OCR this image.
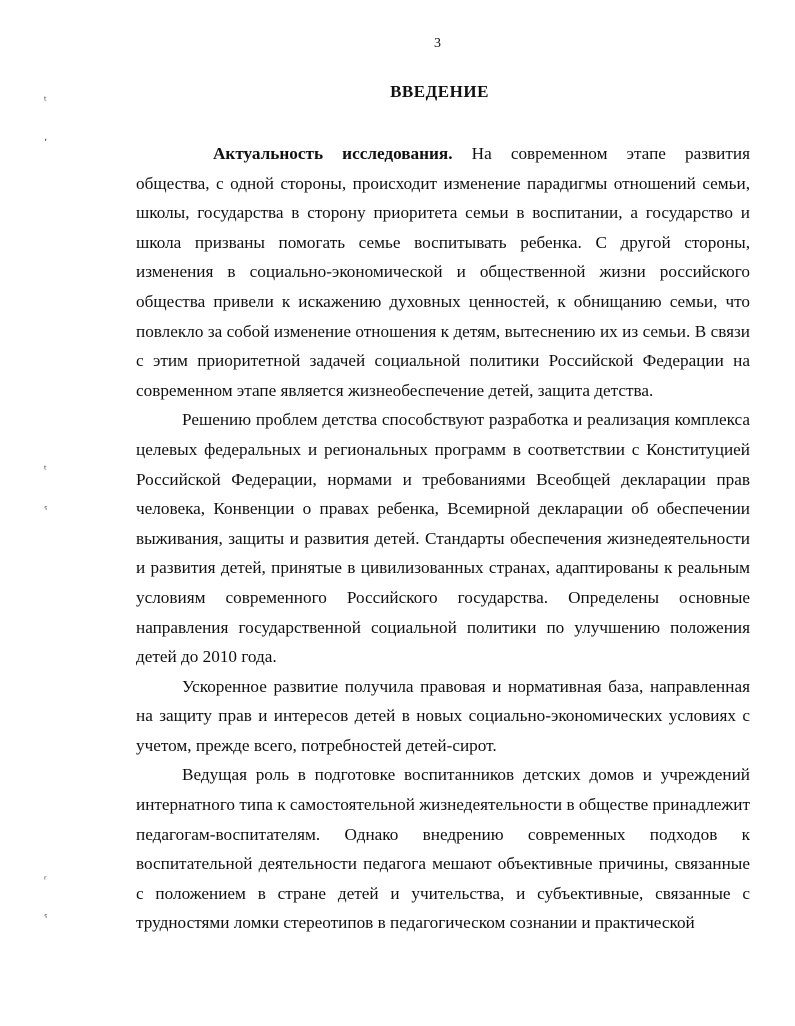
3
ВВЕДЕНИЕ
ᵗ
ʼ
ᵗ
ˁ
ʳ
ˁ

Актуальность исследования. На современном этапе развития общества, с одной стороны, происходит изменение парадигмы отношений семьи, школы, государства в сторону приоритета семьи в воспитании, а государство и школа призваны помогать семье воспитывать ребенка. С другой стороны, изменения в социально-экономической и общественной жизни российского общества привели к искажению духовных ценностей, к обнищанию семьи, что повлекло за собой изменение отношения к детям, вытеснению их из семьи. В связи с этим приоритетной задачей социальной политики Российской Федерации на современном этапе является жизнеобеспечение детей, защита детства.

Решению проблем детства способствуют разработка и реализация комплекса целевых федеральных и региональных программ в соответствии с Конституцией Российской Федерации, нормами и требованиями Всеобщей декларации прав человека, Конвенции о правах ребенка, Всемирной декларации об обеспечении выживания, защиты и развития детей. Стандарты обеспечения жизнедеятельности и развития детей, принятые в цивилизованных странах, адаптированы к реальным условиям современного Российского государства. Определены основные направления государственной социальной политики по улучшению положения детей до 2010 года.

Ускоренное развитие получила правовая и нормативная база, направленная на защиту прав и интересов детей в новых социально-экономических условиях с учетом, прежде всего, потребностей детей-сирот.

Ведущая роль в подготовке воспитанников детских домов и учреждений интернатного типа к самостоятельной жизнедеятельности в обществе принадлежит педагогам-воспитателям. Однако внедрению современных подходов к воспитательной деятельности педагога мешают объективные причины, связанные с положением в стране детей и учительства, и субъективные, связанные с трудностями ломки стереотипов в педагогическом сознании и практической
